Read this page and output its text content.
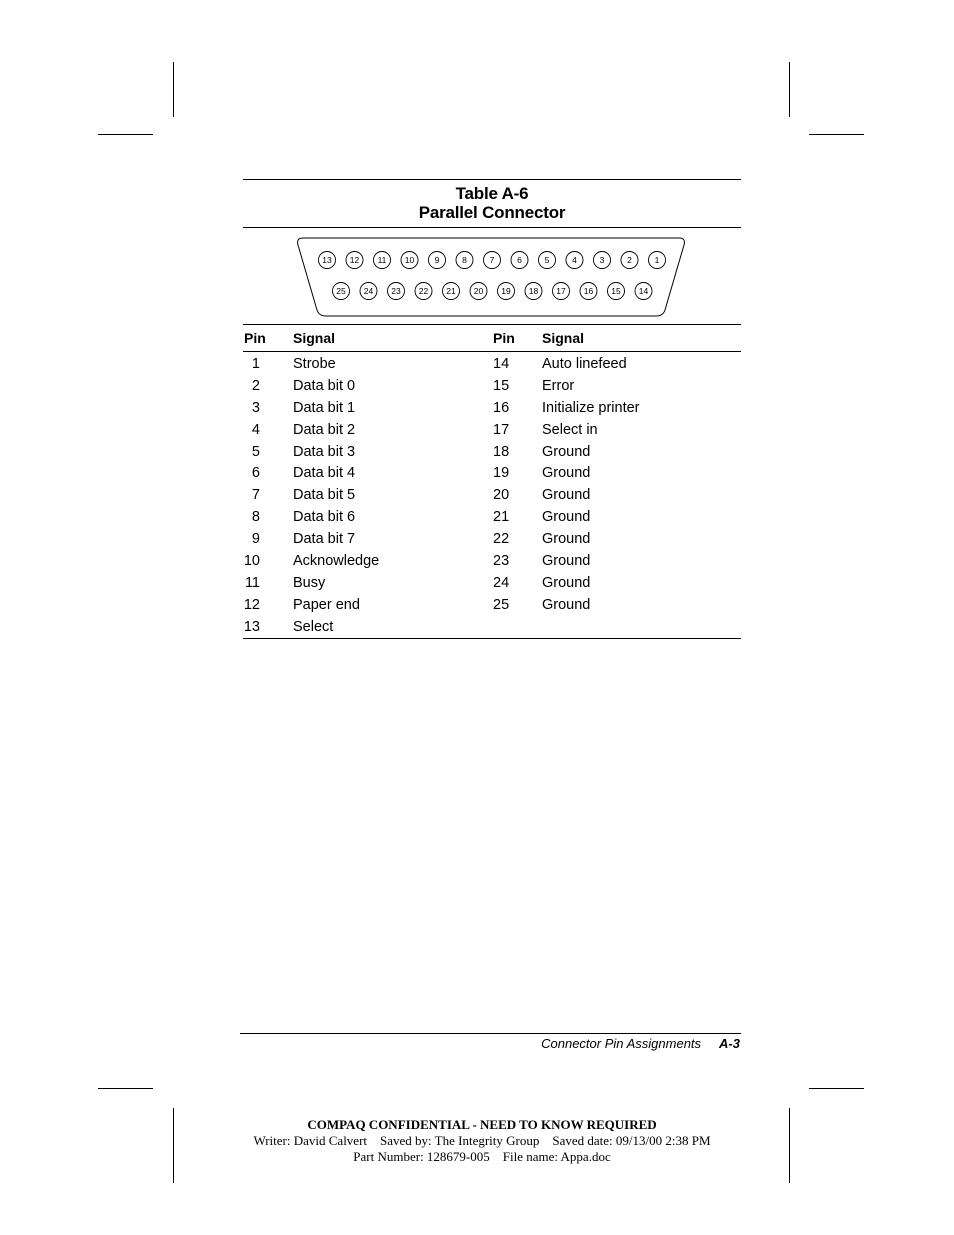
Table A-6
Parallel Connector
13 12 11 10 9	8	7	6	5	4	3	2	1
25 24 23 22 21 20 19 18 17 16 15 14
Pin Signal	Pin Signal
1 Strobe	14 Auto linefeed
2 Data bit 0	15 Error
3 Data bit 1	16 Initialize printer
4 Data bit 2	17 Select in
5 Data bit 3	18 Ground
6 Data bit 4	19 Ground
7 Data bit 5	20 Ground
8 Data bit 6	21 Ground
9 Data bit 7	22 Ground
10 Acknowledge	23 Ground
11 Busy	24 Ground
12 Paper end	25 Ground
13 Select
Connector Pin Assignments A-3
COMPAQ CONFIDENTIAL - NEED TO KNOW REQUIRED
Writer: David Calvert    Saved by: The Integrity Group    Saved date: 09/13/00 2:38 PM
Part Number: 128679-005    File name: Appa.doc
